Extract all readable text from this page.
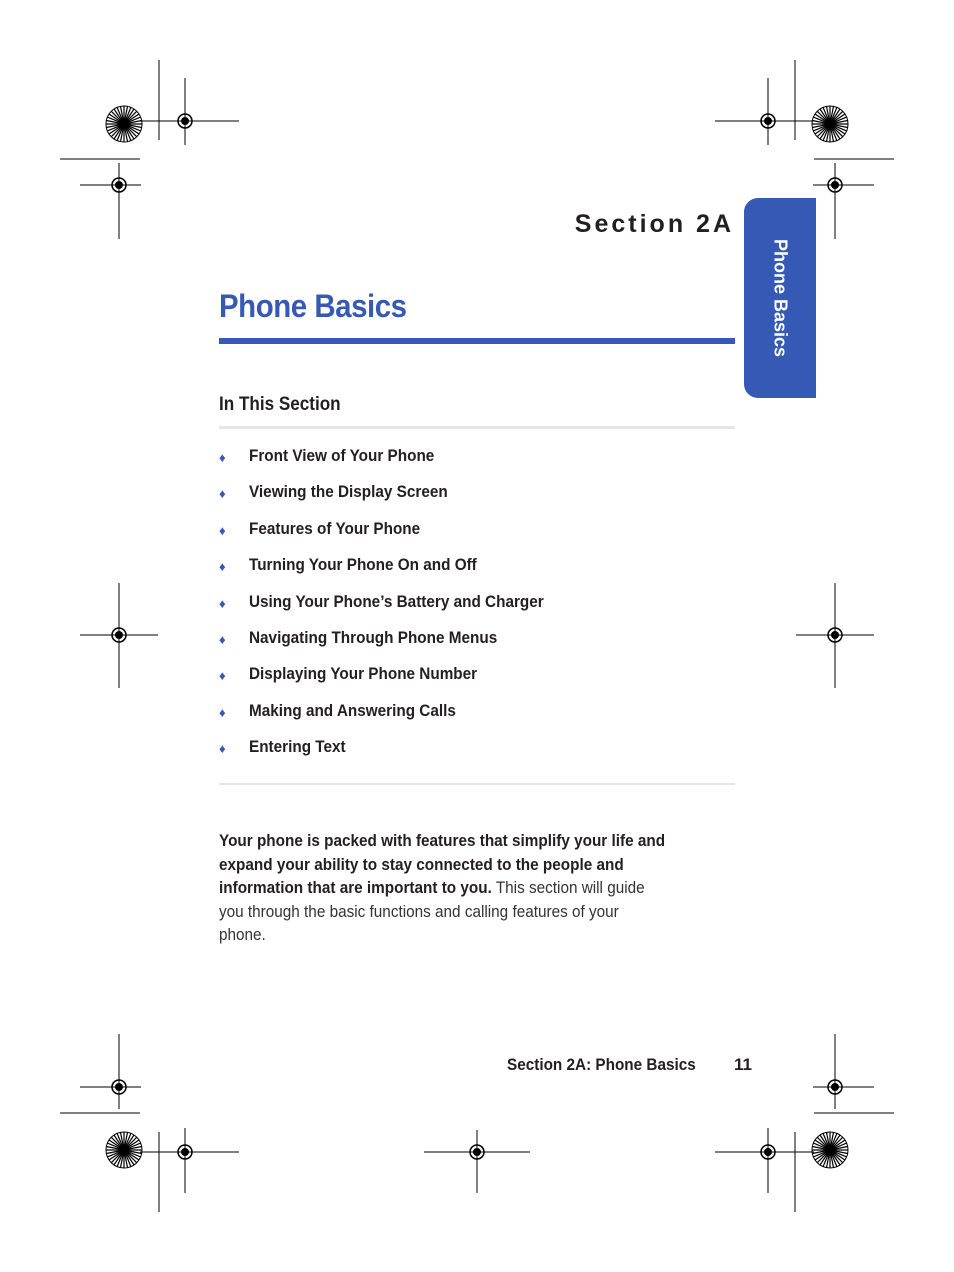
Section 2A
Phone Basics	Phone Basics
In This Section
♦ Front View of Your Phone
♦ Viewing the Display Screen
♦ Features of Your Phone
♦ Turning Your Phone On and Off
♦ Using Your Phone’s Battery and Charger
♦ Navigating Through Phone Menus
♦ Displaying Your Phone Number
♦ Making and Answering Calls
♦ Entering Text

Your phone is packed with features that simplify your life and expand your ability to stay connected to the people and information that are important to you. This section will guide you through the basic functions and calling features of your phone.

Section 2A: Phone Basics 11
